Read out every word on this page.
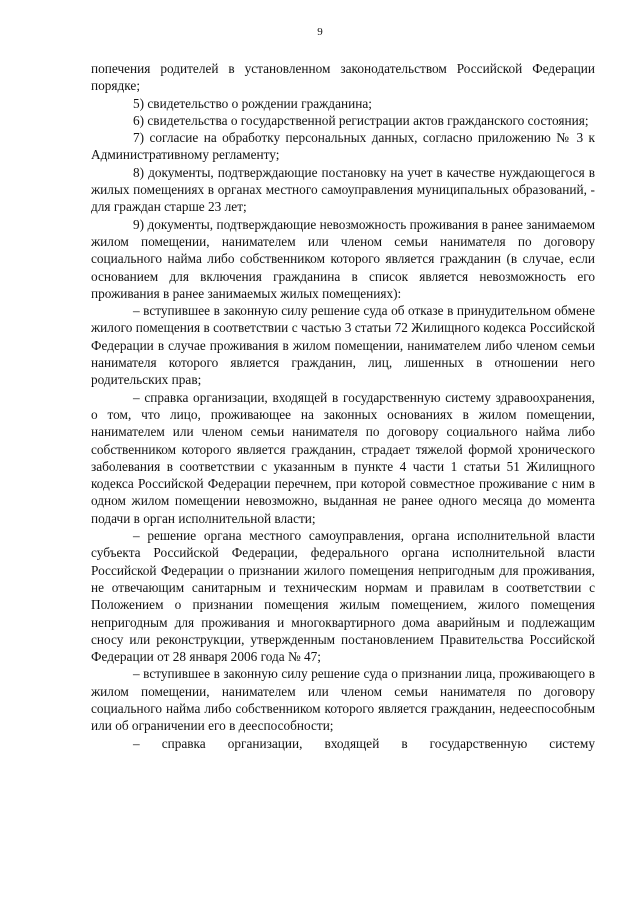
9

попечения родителей в установленном законодательством Российской Федерации порядке;

5) свидетельство о рождении гражданина;

6) свидетельства о государственной регистрации актов гражданского состояния;

7) согласие на обработку персональных данных, согласно приложению № 3 к Административному регламенту;

8) документы, подтверждающие постановку на учет в качестве нуждающегося в жилых помещениях в органах местного самоуправления муниципальных образований, - для граждан старше 23 лет;

9) документы, подтверждающие невозможность проживания в ранее занимаемом жилом помещении, нанимателем или членом семьи нанимателя по договору социального найма либо собственником которого является гражданин (в случае, если основанием для включения гражданина в список является невозможность его проживания в ранее занимаемых жилых помещениях):

– вступившее в законную силу решение суда об отказе в принудительном обмене жилого помещения в соответствии с частью 3 статьи 72 Жилищного кодекса Российской Федерации в случае проживания в жилом помещении, нанимателем либо членом семьи нанимателя которого является гражданин, лиц, лишенных в отношении него родительских прав;

– справка организации, входящей в государственную систему здравоохранения, о том, что лицо, проживающее на законных основаниях в жилом помещении, нанимателем или членом семьи нанимателя по договору социального найма либо собственником которого является гражданин, страдает тяжелой формой хронического заболевания в соответствии с указанным в пункте 4 части 1 статьи 51 Жилищного кодекса Российской Федерации перечнем, при которой совместное проживание с ним в одном жилом помещении невозможно, выданная не ранее одного месяца до момента подачи в орган исполнительной власти;

– решение органа местного самоуправления, органа исполнительной власти субъекта Российской Федерации, федерального органа исполнительной власти Российской Федерации о признании жилого помещения непригодным для проживания, не отвечающим санитарным и техническим нормам и правилам в соответствии с Положением о признании помещения жилым помещением, жилого помещения непригодным для проживания и многоквартирного дома аварийным и подлежащим сносу или реконструкции, утвержденным постановлением Правительства Российской Федерации от 28 января 2006 года № 47;

– вступившее в законную силу решение суда о признании лица, проживающего в жилом помещении, нанимателем или членом семьи нанимателя по договору социального найма либо собственником которого является гражданин, недееспособным или об ограничении его в дееспособности;

– справка организации, входящей в государственную систему
